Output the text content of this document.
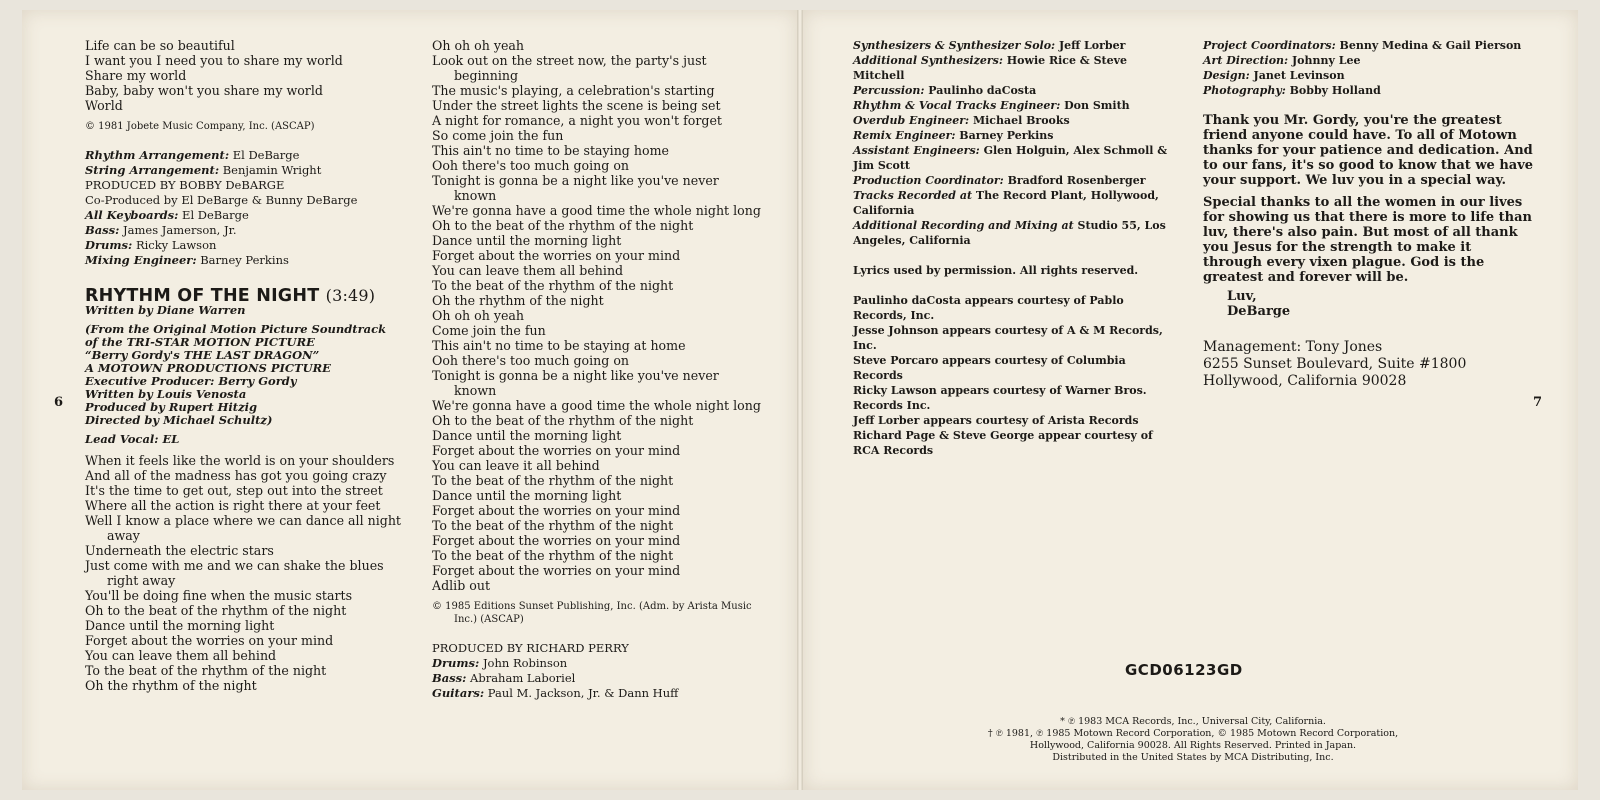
Life can be so beautiful
I want you I need you to share my world
Share my world
Baby, baby won't you share my world
World
© 1981 Jobete Music Company, Inc. (ASCAP)
Rhythm Arrangement: El DeBarge
String Arrangement: Benjamin Wright
PRODUCED BY BOBBY DeBARGE
Co-Produced by El DeBarge & Bunny DeBarge
All Keyboards: El DeBarge
Bass: James Jamerson, Jr.
Drums: Ricky Lawson
Mixing Engineer: Barney Perkins
RHYTHM OF THE NIGHT (3:49)
Written by Diane Warren
(From the Original Motion Picture Soundtrack
of the TRI-STAR MOTION PICTURE
“Berry Gordy's THE LAST DRAGON”
A MOTOWN PRODUCTIONS PICTURE
Executive Producer: Berry Gordy
Written by Louis Venosta
Produced by Rupert Hitzig
Directed by Michael Schultz)
Lead Vocal: EL
When it feels like the world is on your shoulders
And all of the madness has got you going crazy
It's the time to get out, step out into the street
Where all the action is right there at your feet
Well I know a place where we can dance all night away
Underneath the electric stars
Just come with me and we can shake the blues right away
You'll be doing fine when the music starts
Oh to the beat of the rhythm of the night
Dance until the morning light
Forget about the worries on your mind
You can leave them all behind
To the beat of the rhythm of the night
Oh the rhythm of the night
Oh oh oh yeah
Look out on the street now, the party's just beginning
The music's playing, a celebration's starting
Under the street lights the scene is being set
A night for romance, a night you won't forget
So come join the fun
This ain't no time to be staying home
Ooh there's too much going on
Tonight is gonna be a night like you've never known
We're gonna have a good time the whole night long
Oh to the beat of the rhythm of the night
Dance until the morning light
Forget about the worries on your mind
You can leave them all behind
To the beat of the rhythm of the night
Oh the rhythm of the night
Oh oh oh yeah
Come join the fun
This ain't no time to be staying at home
Ooh there's too much going on
Tonight is gonna be a night like you've never known
We're gonna have a good time the whole night long
Oh to the beat of the rhythm of the night
Dance until the morning light
Forget about the worries on your mind
You can leave it all behind
To the beat of the rhythm of the night
Dance until the morning light
Forget about the worries on your mind
To the beat of the rhythm of the night
Forget about the worries on your mind
To the beat of the rhythm of the night
Forget about the worries on your mind
Adlib out
© 1985 Editions Sunset Publishing, Inc. (Adm. by Arista Music Inc.) (ASCAP)
PRODUCED BY RICHARD PERRY
Drums: John Robinson
Bass: Abraham Laboriel
Guitars: Paul M. Jackson, Jr. & Dann Huff
6
Synthesizers & Synthesizer Solo: Jeff Lorber
Additional Synthesizers: Howie Rice & Steve Mitchell
Percussion: Paulinho daCosta
Rhythm & Vocal Tracks Engineer: Don Smith
Overdub Engineer: Michael Brooks
Remix Engineer: Barney Perkins
Assistant Engineers: Glen Holguin, Alex Schmoll & Jim Scott
Production Coordinator: Bradford Rosenberger
Tracks Recorded at The Record Plant, Hollywood, California
Additional Recording and Mixing at Studio 55, Los Angeles, California
Lyrics used by permission. All rights reserved.
Paulinho daCosta appears courtesy of Pablo Records, Inc.
Jesse Johnson appears courtesy of A & M Records, Inc.
Steve Porcaro appears courtesy of Columbia Records
Ricky Lawson appears courtesy of Warner Bros. Records Inc.
Jeff Lorber appears courtesy of Arista Records
Richard Page & Steve George appear courtesy of RCA Records
Project Coordinators: Benny Medina & Gail Pierson
Art Direction: Johnny Lee
Design: Janet Levinson
Photography: Bobby Holland
Thank you Mr. Gordy, you're the greatest friend anyone could have. To all of Motown thanks for your patience and dedication. And to our fans, it's so good to know that we have your support. We luv you in a special way.
Special thanks to all the women in our lives for showing us that there is more to life than luv, there's also pain. But most of all thank you Jesus for the strength to make it through every vixen plague. God is the greatest and forever will be.
Luv,
DeBarge
Management: Tony Jones
6255 Sunset Boulevard, Suite #1800
Hollywood, California 90028
7
GCD06123GD
* ℗ 1983 MCA Records, Inc., Universal City, California.
† ℗ 1981, ℗ 1985 Motown Record Corporation, © 1985 Motown Record Corporation,
Hollywood, California 90028. All Rights Reserved. Printed in Japan.
Distributed in the United States by MCA Distributing, Inc.
